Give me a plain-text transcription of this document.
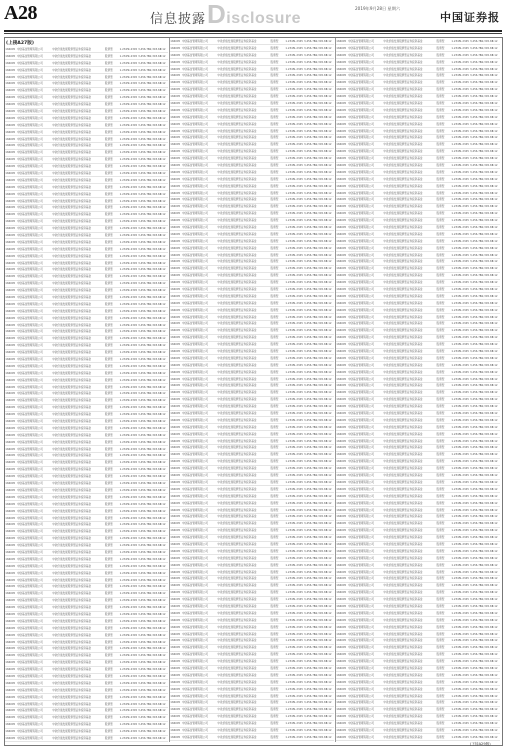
A28	信息披露 Disclosure
2019年9月28日 星期六
中国证券报
(上接A27版)
166005	中欧基金管理有限公司	中欧价值发现股票型证券投资基金	股票型	1.2345	1.2345	3,456.78	12,345.67	0.12
166005	中欧基金管理有限公司	中欧价值发现股票型证券投资基金	股票型	1.2345	1.2345	3,456.78	12,345.67	0.12
166005	中欧基金管理有限公司	中欧价值发现股票型证券投资基金	股票型	1.2345	1.2345	3,456.78	12,345.67	0.12
166005	中欧基金管理有限公司	中欧价值发现股票型证券投资基金	股票型	1.2345	1.2345	3,456.78	12,345.67	0.12
166005	中欧基金管理有限公司	中欧价值发现股票型证券投资基金	股票型	1.2345	1.2345	3,456.78	12,345.67	0.12
166005	中欧基金管理有限公司	中欧价值发现股票型证券投资基金	股票型	1.2345	1.2345	3,456.78	12,345.67	0.12
166005	中欧基金管理有限公司	中欧价值发现股票型证券投资基金	股票型	1.2345	1.2345	3,456.78	12,345.67	0.12
166005	中欧基金管理有限公司	中欧价值发现股票型证券投资基金	股票型	1.2345	1.2345	3,456.78	12,345.67	0.12
166005	中欧基金管理有限公司	中欧价值发现股票型证券投资基金	股票型	1.2345	1.2345	3,456.78	12,345.67	0.12
166005	中欧基金管理有限公司	中欧价值发现股票型证券投资基金	股票型	1.2345	1.2345	3,456.78	12,345.67	0.12
166005	中欧基金管理有限公司	中欧价值发现股票型证券投资基金	股票型	1.2345	1.2345	3,456.78	12,345.67	0.12
166005	中欧基金管理有限公司	中欧价值发现股票型证券投资基金	股票型	1.2345	1.2345	3,456.78	12,345.67	0.12
166005	中欧基金管理有限公司	中欧价值发现股票型证券投资基金	股票型	1.2345	1.2345	3,456.78	12,345.67	0.12
166005	中欧基金管理有限公司	中欧价值发现股票型证券投资基金	股票型	1.2345	1.2345	3,456.78	12,345.67	0.12
166005	中欧基金管理有限公司	中欧价值发现股票型证券投资基金	股票型	1.2345	1.2345	3,456.78	12,345.67	0.12
166005	中欧基金管理有限公司	中欧价值发现股票型证券投资基金	股票型	1.2345	1.2345	3,456.78	12,345.67	0.12
166005	中欧基金管理有限公司	中欧价值发现股票型证券投资基金	股票型	1.2345	1.2345	3,456.78	12,345.67	0.12
166005	中欧基金管理有限公司	中欧价值发现股票型证券投资基金	股票型	1.2345	1.2345	3,456.78	12,345.67	0.12
166005	中欧基金管理有限公司	中欧价值发现股票型证券投资基金	股票型	1.2345	1.2345	3,456.78	12,345.67	0.12
166005	中欧基金管理有限公司	中欧价值发现股票型证券投资基金	股票型	1.2345	1.2345	3,456.78	12,345.67	0.12
166005	中欧基金管理有限公司	中欧价值发现股票型证券投资基金	股票型	1.2345	1.2345	3,456.78	12,345.67	0.12
166005	中欧基金管理有限公司	中欧价值发现股票型证券投资基金	股票型	1.2345	1.2345	3,456.78	12,345.67	0.12
166005	中欧基金管理有限公司	中欧价值发现股票型证券投资基金	股票型	1.2345	1.2345	3,456.78	12,345.67	0.12
166005	中欧基金管理有限公司	中欧价值发现股票型证券投资基金	股票型	1.2345	1.2345	3,456.78	12,345.67	0.12
166005	中欧基金管理有限公司	中欧价值发现股票型证券投资基金	股票型	1.2345	1.2345	3,456.78	12,345.67	0.12
166005	中欧基金管理有限公司	中欧价值发现股票型证券投资基金	股票型	1.2345	1.2345	3,456.78	12,345.67	0.12
166005	中欧基金管理有限公司	中欧价值发现股票型证券投资基金	股票型	1.2345	1.2345	3,456.78	12,345.67	0.12
166005	中欧基金管理有限公司	中欧价值发现股票型证券投资基金	股票型	1.2345	1.2345	3,456.78	12,345.67	0.12
166005	中欧基金管理有限公司	中欧价值发现股票型证券投资基金	股票型	1.2345	1.2345	3,456.78	12,345.67	0.12
166005	中欧基金管理有限公司	中欧价值发现股票型证券投资基金	股票型	1.2345	1.2345	3,456.78	12,345.67	0.12
166005	中欧基金管理有限公司	中欧价值发现股票型证券投资基金	股票型	1.2345	1.2345	3,456.78	12,345.67	0.12
166005	中欧基金管理有限公司	中欧价值发现股票型证券投资基金	股票型	1.2345	1.2345	3,456.78	12,345.67	0.12
166005	中欧基金管理有限公司	中欧价值发现股票型证券投资基金	股票型	1.2345	1.2345	3,456.78	12,345.67	0.12
166005	中欧基金管理有限公司	中欧价值发现股票型证券投资基金	股票型	1.2345	1.2345	3,456.78	12,345.67	0.12
166005	中欧基金管理有限公司	中欧价值发现股票型证券投资基金	股票型	1.2345	1.2345	3,456.78	12,345.67	0.12
166005	中欧基金管理有限公司	中欧价值发现股票型证券投资基金	股票型	1.2345	1.2345	3,456.78	12,345.67	0.12
166005	中欧基金管理有限公司	中欧价值发现股票型证券投资基金	股票型	1.2345	1.2345	3,456.78	12,345.67	0.12
166005	中欧基金管理有限公司	中欧价值发现股票型证券投资基金	股票型	1.2345	1.2345	3,456.78	12,345.67	0.12
166005	中欧基金管理有限公司	中欧价值发现股票型证券投资基金	股票型	1.2345	1.2345	3,456.78	12,345.67	0.12
166005	中欧基金管理有限公司	中欧价值发现股票型证券投资基金	股票型	1.2345	1.2345	3,456.78	12,345.67	0.12
166005	中欧基金管理有限公司	中欧价值发现股票型证券投资基金	股票型	1.2345	1.2345	3,456.78	12,345.67	0.12
166005	中欧基金管理有限公司	中欧价值发现股票型证券投资基金	股票型	1.2345	1.2345	3,456.78	12,345.67	0.12
166005	中欧基金管理有限公司	中欧价值发现股票型证券投资基金	股票型	1.2345	1.2345	3,456.78	12,345.67	0.12
166005	中欧基金管理有限公司	中欧价值发现股票型证券投资基金	股票型	1.2345	1.2345	3,456.78	12,345.67	0.12
166005	中欧基金管理有限公司	中欧价值发现股票型证券投资基金	股票型	1.2345	1.2345	3,456.78	12,345.67	0.12
166005	中欧基金管理有限公司	中欧价值发现股票型证券投资基金	股票型	1.2345	1.2345	3,456.78	12,345.67	0.12
166005	中欧基金管理有限公司	中欧价值发现股票型证券投资基金	股票型	1.2345	1.2345	3,456.78	12,345.67	0.12
166005	中欧基金管理有限公司	中欧价值发现股票型证券投资基金	股票型	1.2345	1.2345	3,456.78	12,345.67	0.12
166005	中欧基金管理有限公司	中欧价值发现股票型证券投资基金	股票型	1.2345	1.2345	3,456.78	12,345.67	0.12
166005	中欧基金管理有限公司	中欧价值发现股票型证券投资基金	股票型	1.2345	1.2345	3,456.78	12,345.67	0.12
166005	中欧基金管理有限公司	中欧价值发现股票型证券投资基金	股票型	1.2345	1.2345	3,456.78	12,345.67	0.12
166005	中欧基金管理有限公司	中欧价值发现股票型证券投资基金	股票型	1.2345	1.2345	3,456.78	12,345.67	0.12
166005	中欧基金管理有限公司	中欧价值发现股票型证券投资基金	股票型	1.2345	1.2345	3,456.78	12,345.67	0.12
166005	中欧基金管理有限公司	中欧价值发现股票型证券投资基金	股票型	1.2345	1.2345	3,456.78	12,345.67	0.12
166005	中欧基金管理有限公司	中欧价值发现股票型证券投资基金	股票型	1.2345	1.2345	3,456.78	12,345.67	0.12
166005	中欧基金管理有限公司	中欧价值发现股票型证券投资基金	股票型	1.2345	1.2345	3,456.78	12,345.67	0.12
166005	中欧基金管理有限公司	中欧价值发现股票型证券投资基金	股票型	1.2345	1.2345	3,456.78	12,345.67	0.12
166005	中欧基金管理有限公司	中欧价值发现股票型证券投资基金	股票型	1.2345	1.2345	3,456.78	12,345.67	0.12
166005	中欧基金管理有限公司	中欧价值发现股票型证券投资基金	股票型	1.2345	1.2345	3,456.78	12,345.67	0.12
166005	中欧基金管理有限公司	中欧价值发现股票型证券投资基金	股票型	1.2345	1.2345	3,456.78	12,345.67	0.12
166005	中欧基金管理有限公司	中欧价值发现股票型证券投资基金	股票型	1.2345	1.2345	3,456.78	12,345.67	0.12
166005	中欧基金管理有限公司	中欧价值发现股票型证券投资基金	股票型	1.2345	1.2345	3,456.78	12,345.67	0.12
166005	中欧基金管理有限公司	中欧价值发现股票型证券投资基金	股票型	1.2345	1.2345	3,456.78	12,345.67	0.12
166005	中欧基金管理有限公司	中欧价值发现股票型证券投资基金	股票型	1.2345	1.2345	3,456.78	12,345.67	0.12
166005	中欧基金管理有限公司	中欧价值发现股票型证券投资基金	股票型	1.2345	1.2345	3,456.78	12,345.67	0.12
166005	中欧基金管理有限公司	中欧价值发现股票型证券投资基金	股票型	1.2345	1.2345	3,456.78	12,345.67	0.12
166005	中欧基金管理有限公司	中欧价值发现股票型证券投资基金	股票型	1.2345	1.2345	3,456.78	12,345.67	0.12
166005	中欧基金管理有限公司	中欧价值发现股票型证券投资基金	股票型	1.2345	1.2345	3,456.78	12,345.67	0.12
166005	中欧基金管理有限公司	中欧价值发现股票型证券投资基金	股票型	1.2345	1.2345	3,456.78	12,345.67	0.12
166005	中欧基金管理有限公司	中欧价值发现股票型证券投资基金	股票型	1.2345	1.2345	3,456.78	12,345.67	0.12
166005	中欧基金管理有限公司	中欧价值发现股票型证券投资基金	股票型	1.2345	1.2345	3,456.78	12,345.67	0.12
166005	中欧基金管理有限公司	中欧价值发现股票型证券投资基金	股票型	1.2345	1.2345	3,456.78	12,345.67	0.12
166005	中欧基金管理有限公司	中欧价值发现股票型证券投资基金	股票型	1.2345	1.2345	3,456.78	12,345.67	0.12
166005	中欧基金管理有限公司	中欧价值发现股票型证券投资基金	股票型	1.2345	1.2345	3,456.78	12,345.67	0.12
166005	中欧基金管理有限公司	中欧价值发现股票型证券投资基金	股票型	1.2345	1.2345	3,456.78	12,345.67	0.12
166005	中欧基金管理有限公司	中欧价值发现股票型证券投资基金	股票型	1.2345	1.2345	3,456.78	12,345.67	0.12
166005	中欧基金管理有限公司	中欧价值发现股票型证券投资基金	股票型	1.2345	1.2345	3,456.78	12,345.67	0.12
166005	中欧基金管理有限公司	中欧价值发现股票型证券投资基金	股票型	1.2345	1.2345	3,456.78	12,345.67	0.12
166005	中欧基金管理有限公司	中欧价值发现股票型证券投资基金	股票型	1.2345	1.2345	3,456.78	12,345.67	0.12
166005	中欧基金管理有限公司	中欧价值发现股票型证券投资基金	股票型	1.2345	1.2345	3,456.78	12,345.67	0.12
166005	中欧基金管理有限公司	中欧价值发现股票型证券投资基金	股票型	1.2345	1.2345	3,456.78	12,345.67	0.12
166005	中欧基金管理有限公司	中欧价值发现股票型证券投资基金	股票型	1.2345	1.2345	3,456.78	12,345.67	0.12
166005	中欧基金管理有限公司	中欧价值发现股票型证券投资基金	股票型	1.2345	1.2345	3,456.78	12,345.67	0.12
166005	中欧基金管理有限公司	中欧价值发现股票型证券投资基金	股票型	1.2345	1.2345	3,456.78	12,345.67	0.12
166005	中欧基金管理有限公司	中欧价值发现股票型证券投资基金	股票型	1.2345	1.2345	3,456.78	12,345.67	0.12
166005	中欧基金管理有限公司	中欧价值发现股票型证券投资基金	股票型	1.2345	1.2345	3,456.78	12,345.67	0.12
166005	中欧基金管理有限公司	中欧价值发现股票型证券投资基金	股票型	1.2345	1.2345	3,456.78	12,345.67	0.12
166005	中欧基金管理有限公司	中欧价值发现股票型证券投资基金	股票型	1.2345	1.2345	3,456.78	12,345.67	0.12
166005	中欧基金管理有限公司	中欧价值发现股票型证券投资基金	股票型	1.2345	1.2345	3,456.78	12,345.67	0.12
166005	中欧基金管理有限公司	中欧价值发现股票型证券投资基金	股票型	1.2345	1.2345	3,456.78	12,345.67	0.12
166005	中欧基金管理有限公司	中欧价值发现股票型证券投资基金	股票型	1.2345	1.2345	3,456.78	12,345.67	0.12
166005	中欧基金管理有限公司	中欧价值发现股票型证券投资基金	股票型	1.2345	1.2345	3,456.78	12,345.67	0.12
166005	中欧基金管理有限公司	中欧价值发现股票型证券投资基金	股票型	1.2345	1.2345	3,456.78	12,345.67	0.12
166005	中欧基金管理有限公司	中欧价值发现股票型证券投资基金	股票型	1.2345	1.2345	3,456.78	12,345.67	0.12
166005	中欧基金管理有限公司	中欧价值发现股票型证券投资基金	股票型	1.2345	1.2345	3,456.78	12,345.67	0.12
166005	中欧基金管理有限公司	中欧价值发现股票型证券投资基金	股票型	1.2345	1.2345	3,456.78	12,345.67	0.12
166005	中欧基金管理有限公司	中欧价值发现股票型证券投资基金	股票型	1.2345	1.2345	3,456.78	12,345.67	0.12
166005	中欧基金管理有限公司	中欧价值发现股票型证券投资基金	股票型	1.2345	1.2345	3,456.78	12,345.67	0.12
166005	中欧基金管理有限公司	中欧价值发现股票型证券投资基金	股票型	1.2345	1.2345	3,456.78	12,345.67	0.12
166005	中欧基金管理有限公司	中欧价值发现股票型证券投资基金	股票型	1.2345	1.2345	3,456.78	12,345.67	0.12
166005	中欧基金管理有限公司	中欧价值发现股票型证券投资基金	股票型	1.2345	1.2345	3,456.78	12,345.67	0.12
166005	中欧基金管理有限公司	中欧价值发现股票型证券投资基金	股票型	1.2345	1.2345	3,456.78	12,345.67	0.12
166005	中欧基金管理有限公司	中欧价值发现股票型证券投资基金	股票型	1.2345	1.2345	3,456.78	12,345.67	0.12
166005	中欧基金管理有限公司	中欧价值发现股票型证券投资基金	股票型	1.2345	1.2345	3,456.78	12,345.67	0.12
166005	中欧基金管理有限公司	中欧价值发现股票型证券投资基金	股票型	1.2345	1.2345	3,456.78	12,345.67	0.12
166005	中欧基金管理有限公司	中欧价值发现股票型证券投资基金	股票型	1.2345	1.2345	3,456.78	12,345.67	0.12
166005	中欧基金管理有限公司	中欧价值发现股票型证券投资基金	股票型	1.2345	1.2345	3,456.78	12,345.67	0.12
166005	中欧基金管理有限公司	中欧价值发现股票型证券投资基金	股票型	1.2345	1.2345	3,456.78	12,345.67	0.12
166005	中欧基金管理有限公司	中欧价值发现股票型证券投资基金	股票型	1.2345	1.2345	3,456.78	12,345.67	0.12
166005	中欧基金管理有限公司	中欧价值发现股票型证券投资基金	股票型	1.2345	1.2345	3,456.78	12,345.67	0.12
166005	中欧基金管理有限公司	中欧价值发现股票型证券投资基金	股票型	1.2345	1.2345	3,456.78	12,345.67	0.12
166005	中欧基金管理有限公司	中欧价值发现股票型证券投资基金	股票型	1.2345	1.2345	3,456.78	12,345.67	0.12
166005	中欧基金管理有限公司	中欧价值发现股票型证券投资基金	股票型	1.2345	1.2345	3,456.78	12,345.67	0.12
166005	中欧基金管理有限公司	中欧价值发现股票型证券投资基金	股票型	1.2345	1.2345	3,456.78	12,345.67	0.12
166005	中欧基金管理有限公司	中欧价值发现股票型证券投资基金	股票型	1.2345	1.2345	3,456.78	12,345.67	0.12
166005	中欧基金管理有限公司	中欧价值发现股票型证券投资基金	股票型	1.2345	1.2345	3,456.78	12,345.67	0.12
166005	中欧基金管理有限公司	中欧价值发现股票型证券投资基金	股票型	1.2345	1.2345	3,456.78	12,345.67	0.12
166005	中欧基金管理有限公司	中欧价值发现股票型证券投资基金	股票型	1.2345	1.2345	3,456.78	12,345.67	0.12
166005	中欧基金管理有限公司	中欧价值发现股票型证券投资基金	股票型	1.2345	1.2345	3,456.78	12,345.67	0.12
166005	中欧基金管理有限公司	中欧价值发现股票型证券投资基金	股票型	1.2345	1.2345	3,456.78	12,345.67	0.12
166005	中欧基金管理有限公司	中欧价值发现股票型证券投资基金	股票型	1.2345	1.2345	3,456.78	12,345.67	0.12
166005	中欧基金管理有限公司	中欧价值发现股票型证券投资基金	股票型	1.2345	1.2345	3,456.78	12,345.67	0.12
166005	中欧基金管理有限公司	中欧价值发现股票型证券投资基金	股票型	1.2345	1.2345	3,456.78	12,345.67	0.12
166005	中欧基金管理有限公司	中欧价值发现股票型证券投资基金	股票型	1.2345	1.2345	3,456.78	12,345.67	0.12
166005	中欧基金管理有限公司	中欧价值发现股票型证券投资基金	股票型	1.2345	1.2345	3,456.78	12,345.67	0.12
166005	中欧基金管理有限公司	中欧价值发现股票型证券投资基金	股票型	1.2345	1.2345	3,456.78	12,345.67	0.12
166005	中欧基金管理有限公司	中欧价值发现股票型证券投资基金	股票型	1.2345	1.2345	3,456.78	12,345.67	0.12
166005	中欧基金管理有限公司	中欧价值发现股票型证券投资基金	股票型	1.2345	1.2345	3,456.78	12,345.67	0.12
166005	中欧基金管理有限公司	中欧价值发现股票型证券投资基金	股票型	1.2345	1.2345	3,456.78	12,345.67	0.12
166005	中欧基金管理有限公司	中欧价值发现股票型证券投资基金	股票型	1.2345	1.2345	3,456.78	12,345.67	0.12
166005	中欧基金管理有限公司	中欧价值发现股票型证券投资基金	股票型	1.2345	1.2345	3,456.78	12,345.67	0.12
166005	中欧基金管理有限公司	中欧价值发现股票型证券投资基金	股票型	1.2345	1.2345	3,456.78	12,345.67	0.12
166005	中欧基金管理有限公司	中欧价值发现股票型证券投资基金	股票型	1.2345	1.2345	3,456.78	12,345.67	0.12
166005	中欧基金管理有限公司	中欧价值发现股票型证券投资基金	股票型	1.2345	1.2345	3,456.78	12,345.67	0.12
166005	中欧基金管理有限公司	中欧价值发现股票型证券投资基金	股票型	1.2345	1.2345	3,456.78	12,345.67	0.12
166005	中欧基金管理有限公司	中欧价值发现股票型证券投资基金	股票型	1.2345	1.2345	3,456.78	12,345.67	0.12
166005	中欧基金管理有限公司	中欧价值发现股票型证券投资基金	股票型	1.2345	1.2345	3,456.78	12,345.67	0.12
166005	中欧基金管理有限公司	中欧价值发现股票型证券投资基金	股票型	1.2345	1.2345	3,456.78	12,345.67	0.12
166005	中欧基金管理有限公司	中欧价值发现股票型证券投资基金	股票型	1.2345	1.2345	3,456.78	12,345.67	0.12
166005	中欧基金管理有限公司	中欧价值发现股票型证券投资基金	股票型	1.2345	1.2345	3,456.78	12,345.67	0.12
166005	中欧基金管理有限公司	中欧价值发现股票型证券投资基金	股票型	1.2345	1.2345	3,456.78	12,345.67	0.12
166005	中欧基金管理有限公司	中欧价值发现股票型证券投资基金	股票型	1.2345	1.2345	3,456.78	12,345.67	0.12
166005	中欧基金管理有限公司	中欧价值发现股票型证券投资基金	股票型	1.2345	1.2345	3,456.78	12,345.67	0.12
166005	中欧基金管理有限公司	中欧价值发现股票型证券投资基金	股票型	1.2345	1.2345	3,456.78	12,345.67	0.12
166005	中欧基金管理有限公司	中欧价值发现股票型证券投资基金	股票型	1.2345	1.2345	3,456.78	12,345.67	0.12
166005	中欧基金管理有限公司	中欧价值发现股票型证券投资基金	股票型	1.2345	1.2345	3,456.78	12,345.67	0.12
166005	中欧基金管理有限公司	中欧价值发现股票型证券投资基金	股票型	1.2345	1.2345	3,456.78	12,345.67	0.12
166005	中欧基金管理有限公司	中欧价值发现股票型证券投资基金	股票型	1.2345	1.2345	3,456.78	12,345.67	0.12
166005	中欧基金管理有限公司	中欧价值发现股票型证券投资基金	股票型	1.2345	1.2345	3,456.78	12,345.67	0.12
166005	中欧基金管理有限公司	中欧价值发现股票型证券投资基金	股票型	1.2345	1.2345	3,456.78	12,345.67	0.12
166005	中欧基金管理有限公司	中欧价值发现股票型证券投资基金	股票型	1.2345	1.2345	3,456.78	12,345.67	0.12
166005	中欧基金管理有限公司	中欧价值发现股票型证券投资基金	股票型	1.2345	1.2345	3,456.78	12,345.67	0.12
166005	中欧基金管理有限公司	中欧价值发现股票型证券投资基金	股票型	1.2345	1.2345	3,456.78	12,345.67	0.12
166005	中欧基金管理有限公司	中欧价值发现股票型证券投资基金	股票型	1.2345	1.2345	3,456.78	12,345.67	0.12
166005	中欧基金管理有限公司	中欧价值发现股票型证券投资基金	股票型	1.2345	1.2345	3,456.78	12,345.67	0.12
166005	中欧基金管理有限公司	中欧价值发现股票型证券投资基金	股票型	1.2345	1.2345	3,456.78	12,345.67	0.12
166005	中欧基金管理有限公司	中欧价值发现股票型证券投资基金	股票型	1.2345	1.2345	3,456.78	12,345.67	0.12
166005	中欧基金管理有限公司	中欧价值发现股票型证券投资基金	股票型	1.2345	1.2345	3,456.78	12,345.67	0.12
166005	中欧基金管理有限公司	中欧价值发现股票型证券投资基金	股票型	1.2345	1.2345	3,456.78	12,345.67	0.12
166005	中欧基金管理有限公司	中欧价值发现股票型证券投资基金	股票型	1.2345	1.2345	3,456.78	12,345.67	0.12
166005	中欧基金管理有限公司	中欧价值发现股票型证券投资基金	股票型	1.2345	1.2345	3,456.78	12,345.67	0.12
166005	中欧基金管理有限公司	中欧价值发现股票型证券投资基金	股票型	1.2345	1.2345	3,456.78	12,345.67	0.12
166005	中欧基金管理有限公司	中欧价值发现股票型证券投资基金	股票型	1.2345	1.2345	3,456.78	12,345.67	0.12
166005	中欧基金管理有限公司	中欧价值发现股票型证券投资基金	股票型	1.2345	1.2345	3,456.78	12,345.67	0.12
166005	中欧基金管理有限公司	中欧价值发现股票型证券投资基金	股票型	1.2345	1.2345	3,456.78	12,345.67	0.12
166005	中欧基金管理有限公司	中欧价值发现股票型证券投资基金	股票型	1.2345	1.2345	3,456.78	12,345.67	0.12
166005	中欧基金管理有限公司	中欧价值发现股票型证券投资基金	股票型	1.2345	1.2345	3,456.78	12,345.67	0.12
166005	中欧基金管理有限公司	中欧价值发现股票型证券投资基金	股票型	1.2345	1.2345	3,456.78	12,345.67	0.12
166005	中欧基金管理有限公司	中欧价值发现股票型证券投资基金	股票型	1.2345	1.2345	3,456.78	12,345.67	0.12
166005	中欧基金管理有限公司	中欧价值发现股票型证券投资基金	股票型	1.2345	1.2345	3,456.78	12,345.67	0.12
166005	中欧基金管理有限公司	中欧价值发现股票型证券投资基金	股票型	1.2345	1.2345	3,456.78	12,345.67	0.12
166005	中欧基金管理有限公司	中欧价值发现股票型证券投资基金	股票型	1.2345	1.2345	3,456.78	12,345.67	0.12
166005	中欧基金管理有限公司	中欧价值发现股票型证券投资基金	股票型	1.2345	1.2345	3,456.78	12,345.67	0.12
166005	中欧基金管理有限公司	中欧价值发现股票型证券投资基金	股票型	1.2345	1.2345	3,456.78	12,345.67	0.12
166005	中欧基金管理有限公司	中欧价值发现股票型证券投资基金	股票型	1.2345	1.2345	3,456.78	12,345.67	0.12
166005	中欧基金管理有限公司	中欧价值发现股票型证券投资基金	股票型	1.2345	1.2345	3,456.78	12,345.67	0.12
166005	中欧基金管理有限公司	中欧价值发现股票型证券投资基金	股票型	1.2345	1.2345	3,456.78	12,345.67	0.12
166005	中欧基金管理有限公司	中欧价值发现股票型证券投资基金	股票型	1.2345	1.2345	3,456.78	12,345.67	0.12
166005	中欧基金管理有限公司	中欧价值发现股票型证券投资基金	股票型	1.2345	1.2345	3,456.78	12,345.67	0.12
166005	中欧基金管理有限公司	中欧价值发现股票型证券投资基金	股票型	1.2345	1.2345	3,456.78	12,345.67	0.12
166005	中欧基金管理有限公司	中欧价值发现股票型证券投资基金	股票型	1.2345	1.2345	3,456.78	12,345.67	0.12
166005	中欧基金管理有限公司	中欧价值发现股票型证券投资基金	股票型	1.2345	1.2345	3,456.78	12,345.67	0.12
166005	中欧基金管理有限公司	中欧价值发现股票型证券投资基金	股票型	1.2345	1.2345	3,456.78	12,345.67	0.12
166005	中欧基金管理有限公司	中欧价值发现股票型证券投资基金	股票型	1.2345	1.2345	3,456.78	12,345.67	0.12
166005	中欧基金管理有限公司	中欧价值发现股票型证券投资基金	股票型	1.2345	1.2345	3,456.78	12,345.67	0.12
166005	中欧基金管理有限公司	中欧价值发现股票型证券投资基金	股票型	1.2345	1.2345	3,456.78	12,345.67	0.12
166005	中欧基金管理有限公司	中欧价值发现股票型证券投资基金	股票型	1.2345	1.2345	3,456.78	12,345.67	0.12
166005	中欧基金管理有限公司	中欧价值发现股票型证券投资基金	股票型	1.2345	1.2345	3,456.78	12,345.67	0.12
166005	中欧基金管理有限公司	中欧价值发现股票型证券投资基金	股票型	1.2345	1.2345	3,456.78	12,345.67	0.12
166005	中欧基金管理有限公司	中欧价值发现股票型证券投资基金	股票型	1.2345	1.2345	3,456.78	12,345.67	0.12
166005	中欧基金管理有限公司	中欧价值发现股票型证券投资基金	股票型	1.2345	1.2345	3,456.78	12,345.67	0.12
166005	中欧基金管理有限公司	中欧价值发现股票型证券投资基金	股票型	1.2345	1.2345	3,456.78	12,345.67	0.12
166005	中欧基金管理有限公司	中欧价值发现股票型证券投资基金	股票型	1.2345	1.2345	3,456.78	12,345.67	0.12
166005	中欧基金管理有限公司	中欧价值发现股票型证券投资基金	股票型	1.2345	1.2345	3,456.78	12,345.67	0.12
166005	中欧基金管理有限公司	中欧价值发现股票型证券投资基金	股票型	1.2345	1.2345	3,456.78	12,345.67	0.12
166005	中欧基金管理有限公司	中欧价值发现股票型证券投资基金	股票型	1.2345	1.2345	3,456.78	12,345.67	0.12
166005	中欧基金管理有限公司	中欧价值发现股票型证券投资基金	股票型	1.2345	1.2345	3,456.78	12,345.67	0.12
166005	中欧基金管理有限公司	中欧价值发现股票型证券投资基金	股票型	1.2345	1.2345	3,456.78	12,345.67	0.12
166005	中欧基金管理有限公司	中欧价值发现股票型证券投资基金	股票型	1.2345	1.2345	3,456.78	12,345.67	0.12
166005	中欧基金管理有限公司	中欧价值发现股票型证券投资基金	股票型	1.2345	1.2345	3,456.78	12,345.67	0.12
166005	中欧基金管理有限公司	中欧价值发现股票型证券投资基金	股票型	1.2345	1.2345	3,456.78	12,345.67	0.12
166005	中欧基金管理有限公司	中欧价值发现股票型证券投资基金	股票型	1.2345	1.2345	3,456.78	12,345.67	0.12
166005	中欧基金管理有限公司	中欧价值发现股票型证券投资基金	股票型	1.2345	1.2345	3,456.78	12,345.67	0.12
166005	中欧基金管理有限公司	中欧价值发现股票型证券投资基金	股票型	1.2345	1.2345	3,456.78	12,345.67	0.12
166005	中欧基金管理有限公司	中欧价值发现股票型证券投资基金	股票型	1.2345	1.2345	3,456.78	12,345.67	0.12
166005	中欧基金管理有限公司	中欧价值发现股票型证券投资基金	股票型	1.2345	1.2345	3,456.78	12,345.67	0.12
166005	中欧基金管理有限公司	中欧价值发现股票型证券投资基金	股票型	1.2345	1.2345	3,456.78	12,345.67	0.12
166005	中欧基金管理有限公司	中欧价值发现股票型证券投资基金	股票型	1.2345	1.2345	3,456.78	12,345.67	0.12
166005	中欧基金管理有限公司	中欧价值发现股票型证券投资基金	股票型	1.2345	1.2345	3,456.78	12,345.67	0.12
166005	中欧基金管理有限公司	中欧价值发现股票型证券投资基金	股票型	1.2345	1.2345	3,456.78	12,345.67	0.12
166005	中欧基金管理有限公司	中欧价值发现股票型证券投资基金	股票型	1.2345	1.2345	3,456.78	12,345.67	0.12
166005	中欧基金管理有限公司	中欧价值发现股票型证券投资基金	股票型	1.2345	1.2345	3,456.78	12,345.67	0.12
166005	中欧基金管理有限公司	中欧价值发现股票型证券投资基金	股票型	1.2345	1.2345	3,456.78	12,345.67	0.12
166005	中欧基金管理有限公司	中欧价值发现股票型证券投资基金	股票型	1.2345	1.2345	3,456.78	12,345.67	0.12
166005	中欧基金管理有限公司	中欧价值发现股票型证券投资基金	股票型	1.2345	1.2345	3,456.78	12,345.67	0.12
166005	中欧基金管理有限公司	中欧价值发现股票型证券投资基金	股票型	1.2345	1.2345	3,456.78	12,345.67	0.12
166005	中欧基金管理有限公司	中欧价值发现股票型证券投资基金	股票型	1.2345	1.2345	3,456.78	12,345.67	0.12
166005	中欧基金管理有限公司	中欧价值发现股票型证券投资基金	股票型	1.2345	1.2345	3,456.78	12,345.67	0.12
166005	中欧基金管理有限公司	中欧价值发现股票型证券投资基金	股票型	1.2345	1.2345	3,456.78	12,345.67	0.12
166005	中欧基金管理有限公司	中欧价值发现股票型证券投资基金	股票型	1.2345	1.2345	3,456.78	12,345.67	0.12
166005	中欧基金管理有限公司	中欧价值发现股票型证券投资基金	股票型	1.2345	1.2345	3,456.78	12,345.67	0.12
166005	中欧基金管理有限公司	中欧价值发现股票型证券投资基金	股票型	1.2345	1.2345	3,456.78	12,345.67	0.12
166005	中欧基金管理有限公司	中欧价值发现股票型证券投资基金	股票型	1.2345	1.2345	3,456.78	12,345.67	0.12
166005	中欧基金管理有限公司	中欧价值发现股票型证券投资基金	股票型	1.2345	1.2345	3,456.78	12,345.67	0.12
166005	中欧基金管理有限公司	中欧价值发现股票型证券投资基金	股票型	1.2345	1.2345	3,456.78	12,345.67	0.12
166005	中欧基金管理有限公司	中欧价值发现股票型证券投资基金	股票型	1.2345	1.2345	3,456.78	12,345.67	0.12
166005	中欧基金管理有限公司	中欧价值发现股票型证券投资基金	股票型	1.2345	1.2345	3,456.78	12,345.67	0.12
166005	中欧基金管理有限公司	中欧价值发现股票型证券投资基金	股票型	1.2345	1.2345	3,456.78	12,345.67	0.12
166005	中欧基金管理有限公司	中欧价值发现股票型证券投资基金	股票型	1.2345	1.2345	3,456.78	12,345.67	0.12
166005	中欧基金管理有限公司	中欧价值发现股票型证券投资基金	股票型	1.2345	1.2345	3,456.78	12,345.67	0.12
166005	中欧基金管理有限公司	中欧价值发现股票型证券投资基金	股票型	1.2345	1.2345	3,456.78	12,345.67	0.12
166005	中欧基金管理有限公司	中欧价值发现股票型证券投资基金	股票型	1.2345	1.2345	3,456.78	12,345.67	0.12
166005	中欧基金管理有限公司	中欧价值发现股票型证券投资基金	股票型	1.2345	1.2345	3,456.78	12,345.67	0.12
166005	中欧基金管理有限公司	中欧价值发现股票型证券投资基金	股票型	1.2345	1.2345	3,456.78	12,345.67	0.12
166005	中欧基金管理有限公司	中欧价值发现股票型证券投资基金	股票型	1.2345	1.2345	3,456.78	12,345.67	0.12
166005	中欧基金管理有限公司	中欧价值发现股票型证券投资基金	股票型	1.2345	1.2345	3,456.78	12,345.67	0.12
166005	中欧基金管理有限公司	中欧价值发现股票型证券投资基金	股票型	1.2345	1.2345	3,456.78	12,345.67	0.12
166005	中欧基金管理有限公司	中欧价值发现股票型证券投资基金	股票型	1.2345	1.2345	3,456.78	12,345.67	0.12
166005	中欧基金管理有限公司	中欧价值发现股票型证券投资基金	股票型	1.2345	1.2345	3,456.78	12,345.67	0.12
166005	中欧基金管理有限公司	中欧价值发现股票型证券投资基金	股票型	1.2345	1.2345	3,456.78	12,345.67	0.12
166005	中欧基金管理有限公司	中欧价值发现股票型证券投资基金	股票型	1.2345	1.2345	3,456.78	12,345.67	0.12
166005	中欧基金管理有限公司	中欧价值发现股票型证券投资基金	股票型	1.2345	1.2345	3,456.78	12,345.67	0.12
166005	中欧基金管理有限公司	中欧价值发现股票型证券投资基金	股票型	1.2345	1.2345	3,456.78	12,345.67	0.12
166005	中欧基金管理有限公司	中欧价值发现股票型证券投资基金	股票型	1.2345	1.2345	3,456.78	12,345.67	0.12
166005	中欧基金管理有限公司	中欧价值发现股票型证券投资基金	股票型	1.2345	1.2345	3,456.78	12,345.67	0.12
166005	中欧基金管理有限公司	中欧价值发现股票型证券投资基金	股票型	1.2345	1.2345	3,456.78	12,345.67	0.12
166005	中欧基金管理有限公司	中欧价值发现股票型证券投资基金	股票型	1.2345	1.2345	3,456.78	12,345.67	0.12
166005	中欧基金管理有限公司	中欧价值发现股票型证券投资基金	股票型	1.2345	1.2345	3,456.78	12,345.67	0.12
166005	中欧基金管理有限公司	中欧价值发现股票型证券投资基金	股票型	1.2345	1.2345	3,456.78	12,345.67	0.12
166005	中欧基金管理有限公司	中欧价值发现股票型证券投资基金	股票型	1.2345	1.2345	3,456.78	12,345.67	0.12
166005	中欧基金管理有限公司	中欧价值发现股票型证券投资基金	股票型	1.2345	1.2345	3,456.78	12,345.67	0.12
166005	中欧基金管理有限公司	中欧价值发现股票型证券投资基金	股票型	1.2345	1.2345	3,456.78	12,345.67	0.12
166005	中欧基金管理有限公司	中欧价值发现股票型证券投资基金	股票型	1.2345	1.2345	3,456.78	12,345.67	0.12
166005	中欧基金管理有限公司	中欧价值发现股票型证券投资基金	股票型	1.2345	1.2345	3,456.78	12,345.67	0.12
166005	中欧基金管理有限公司	中欧价值发现股票型证券投资基金	股票型	1.2345	1.2345	3,456.78	12,345.67	0.12
166005	中欧基金管理有限公司	中欧价值发现股票型证券投资基金	股票型	1.2345	1.2345	3,456.78	12,345.67	0.12
166005	中欧基金管理有限公司	中欧价值发现股票型证券投资基金	股票型	1.2345	1.2345	3,456.78	12,345.67	0.12
166005	中欧基金管理有限公司	中欧价值发现股票型证券投资基金	股票型	1.2345	1.2345	3,456.78	12,345.67	0.12
166005	中欧基金管理有限公司	中欧价值发现股票型证券投资基金	股票型	1.2345	1.2345	3,456.78	12,345.67	0.12
166005	中欧基金管理有限公司	中欧价值发现股票型证券投资基金	股票型	1.2345	1.2345	3,456.78	12,345.67	0.12
166005	中欧基金管理有限公司	中欧价值发现股票型证券投资基金	股票型	1.2345	1.2345	3,456.78	12,345.67	0.12
166005	中欧基金管理有限公司	中欧价值发现股票型证券投资基金	股票型	1.2345	1.2345	3,456.78	12,345.67	0.12
166005	中欧基金管理有限公司	中欧价值发现股票型证券投资基金	股票型	1.2345	1.2345	3,456.78	12,345.67	0.12
166005	中欧基金管理有限公司	中欧价值发现股票型证券投资基金	股票型	1.2345	1.2345	3,456.78	12,345.67	0.12
166005	中欧基金管理有限公司	中欧价值发现股票型证券投资基金	股票型	1.2345	1.2345	3,456.78	12,345.67	0.12
166005	中欧基金管理有限公司	中欧价值发现股票型证券投资基金	股票型	1.2345	1.2345	3,456.78	12,345.67	0.12
166005	中欧基金管理有限公司	中欧价值发现股票型证券投资基金	股票型	1.2345	1.2345	3,456.78	12,345.67	0.12
166005	中欧基金管理有限公司	中欧价值发现股票型证券投资基金	股票型	1.2345	1.2345	3,456.78	12,345.67	0.12
166005	中欧基金管理有限公司	中欧价值发现股票型证券投资基金	股票型	1.2345	1.2345	3,456.78	12,345.67	0.12
166005	中欧基金管理有限公司	中欧价值发现股票型证券投资基金	股票型	1.2345	1.2345	3,456.78	12,345.67	0.12
166005	中欧基金管理有限公司	中欧价值发现股票型证券投资基金	股票型	1.2345	1.2345	3,456.78	12,345.67	0.12
166005	中欧基金管理有限公司	中欧价值发现股票型证券投资基金	股票型	1.2345	1.2345	3,456.78	12,345.67	0.12
166005	中欧基金管理有限公司	中欧价值发现股票型证券投资基金	股票型	1.2345	1.2345	3,456.78	12,345.67	0.12
166005	中欧基金管理有限公司	中欧价值发现股票型证券投资基金	股票型	1.2345	1.2345	3,456.78	12,345.67	0.12
166005	中欧基金管理有限公司	中欧价值发现股票型证券投资基金	股票型	1.2345	1.2345	3,456.78	12,345.67	0.12
166005	中欧基金管理有限公司	中欧价值发现股票型证券投资基金	股票型	1.2345	1.2345	3,456.78	12,345.67	0.12
166005	中欧基金管理有限公司	中欧价值发现股票型证券投资基金	股票型	1.2345	1.2345	3,456.78	12,345.67	0.12
166005	中欧基金管理有限公司	中欧价值发现股票型证券投资基金	股票型	1.2345	1.2345	3,456.78	12,345.67	0.12
166005	中欧基金管理有限公司	中欧价值发现股票型证券投资基金	股票型	1.2345	1.2345	3,456.78	12,345.67	0.12
166005	中欧基金管理有限公司	中欧价值发现股票型证券投资基金	股票型	1.2345	1.2345	3,456.78	12,345.67	0.12
166005	中欧基金管理有限公司	中欧价值发现股票型证券投资基金	股票型	1.2345	1.2345	3,456.78	12,345.67	0.12
166005	中欧基金管理有限公司	中欧价值发现股票型证券投资基金	股票型	1.2345	1.2345	3,456.78	12,345.67	0.12
166005	中欧基金管理有限公司	中欧价值发现股票型证券投资基金	股票型	1.2345	1.2345	3,456.78	12,345.67	0.12
166005	中欧基金管理有限公司	中欧价值发现股票型证券投资基金	股票型	1.2345	1.2345	3,456.78	12,345.67	0.12
166005	中欧基金管理有限公司	中欧价值发现股票型证券投资基金	股票型	1.2345	1.2345	3,456.78	12,345.67	0.12
166005	中欧基金管理有限公司	中欧价值发现股票型证券投资基金	股票型	1.2345	1.2345	3,456.78	12,345.67	0.12
166005	中欧基金管理有限公司	中欧价值发现股票型证券投资基金	股票型	1.2345	1.2345	3,456.78	12,345.67	0.12
166005	中欧基金管理有限公司	中欧价值发现股票型证券投资基金	股票型	1.2345	1.2345	3,456.78	12,345.67	0.12
166005	中欧基金管理有限公司	中欧价值发现股票型证券投资基金	股票型	1.2345	1.2345	3,456.78	12,345.67	0.12
166005	中欧基金管理有限公司	中欧价值发现股票型证券投资基金	股票型	1.2345	1.2345	3,456.78	12,345.67	0.12
166005	中欧基金管理有限公司	中欧价值发现股票型证券投资基金	股票型	1.2345	1.2345	3,456.78	12,345.67	0.12
166005	中欧基金管理有限公司	中欧价值发现股票型证券投资基金	股票型	1.2345	1.2345	3,456.78	12,345.67	0.12
166005	中欧基金管理有限公司	中欧价值发现股票型证券投资基金	股票型	1.2345	1.2345	3,456.78	12,345.67	0.12
166005	中欧基金管理有限公司	中欧价值发现股票型证券投资基金	股票型	1.2345	1.2345	3,456.78	12,345.67	0.12
166005	中欧基金管理有限公司	中欧价值发现股票型证券投资基金	股票型	1.2345	1.2345	3,456.78	12,345.67	0.12
166005	中欧基金管理有限公司	中欧价值发现股票型证券投资基金	股票型	1.2345	1.2345	3,456.78	12,345.67	0.12
166005	中欧基金管理有限公司	中欧价值发现股票型证券投资基金	股票型	1.2345	1.2345	3,456.78	12,345.67	0.12
166005	中欧基金管理有限公司	中欧价值发现股票型证券投资基金	股票型	1.2345	1.2345	3,456.78	12,345.67	0.12
166005	中欧基金管理有限公司	中欧价值发现股票型证券投资基金	股票型	1.2345	1.2345	3,456.78	12,345.67	0.12
166005	中欧基金管理有限公司	中欧价值发现股票型证券投资基金	股票型	1.2345	1.2345	3,456.78	12,345.67	0.12
166005	中欧基金管理有限公司	中欧价值发现股票型证券投资基金	股票型	1.2345	1.2345	3,456.78	12,345.67	0.12
166005	中欧基金管理有限公司	中欧价值发现股票型证券投资基金	股票型	1.2345	1.2345	3,456.78	12,345.67	0.12
166005	中欧基金管理有限公司	中欧价值发现股票型证券投资基金	股票型	1.2345	1.2345	3,456.78	12,345.67	0.12
166005	中欧基金管理有限公司	中欧价值发现股票型证券投资基金	股票型	1.2345	1.2345	3,456.78	12,345.67	0.12
166005	中欧基金管理有限公司	中欧价值发现股票型证券投资基金	股票型	1.2345	1.2345	3,456.78	12,345.67	0.12
(下转A29版)
